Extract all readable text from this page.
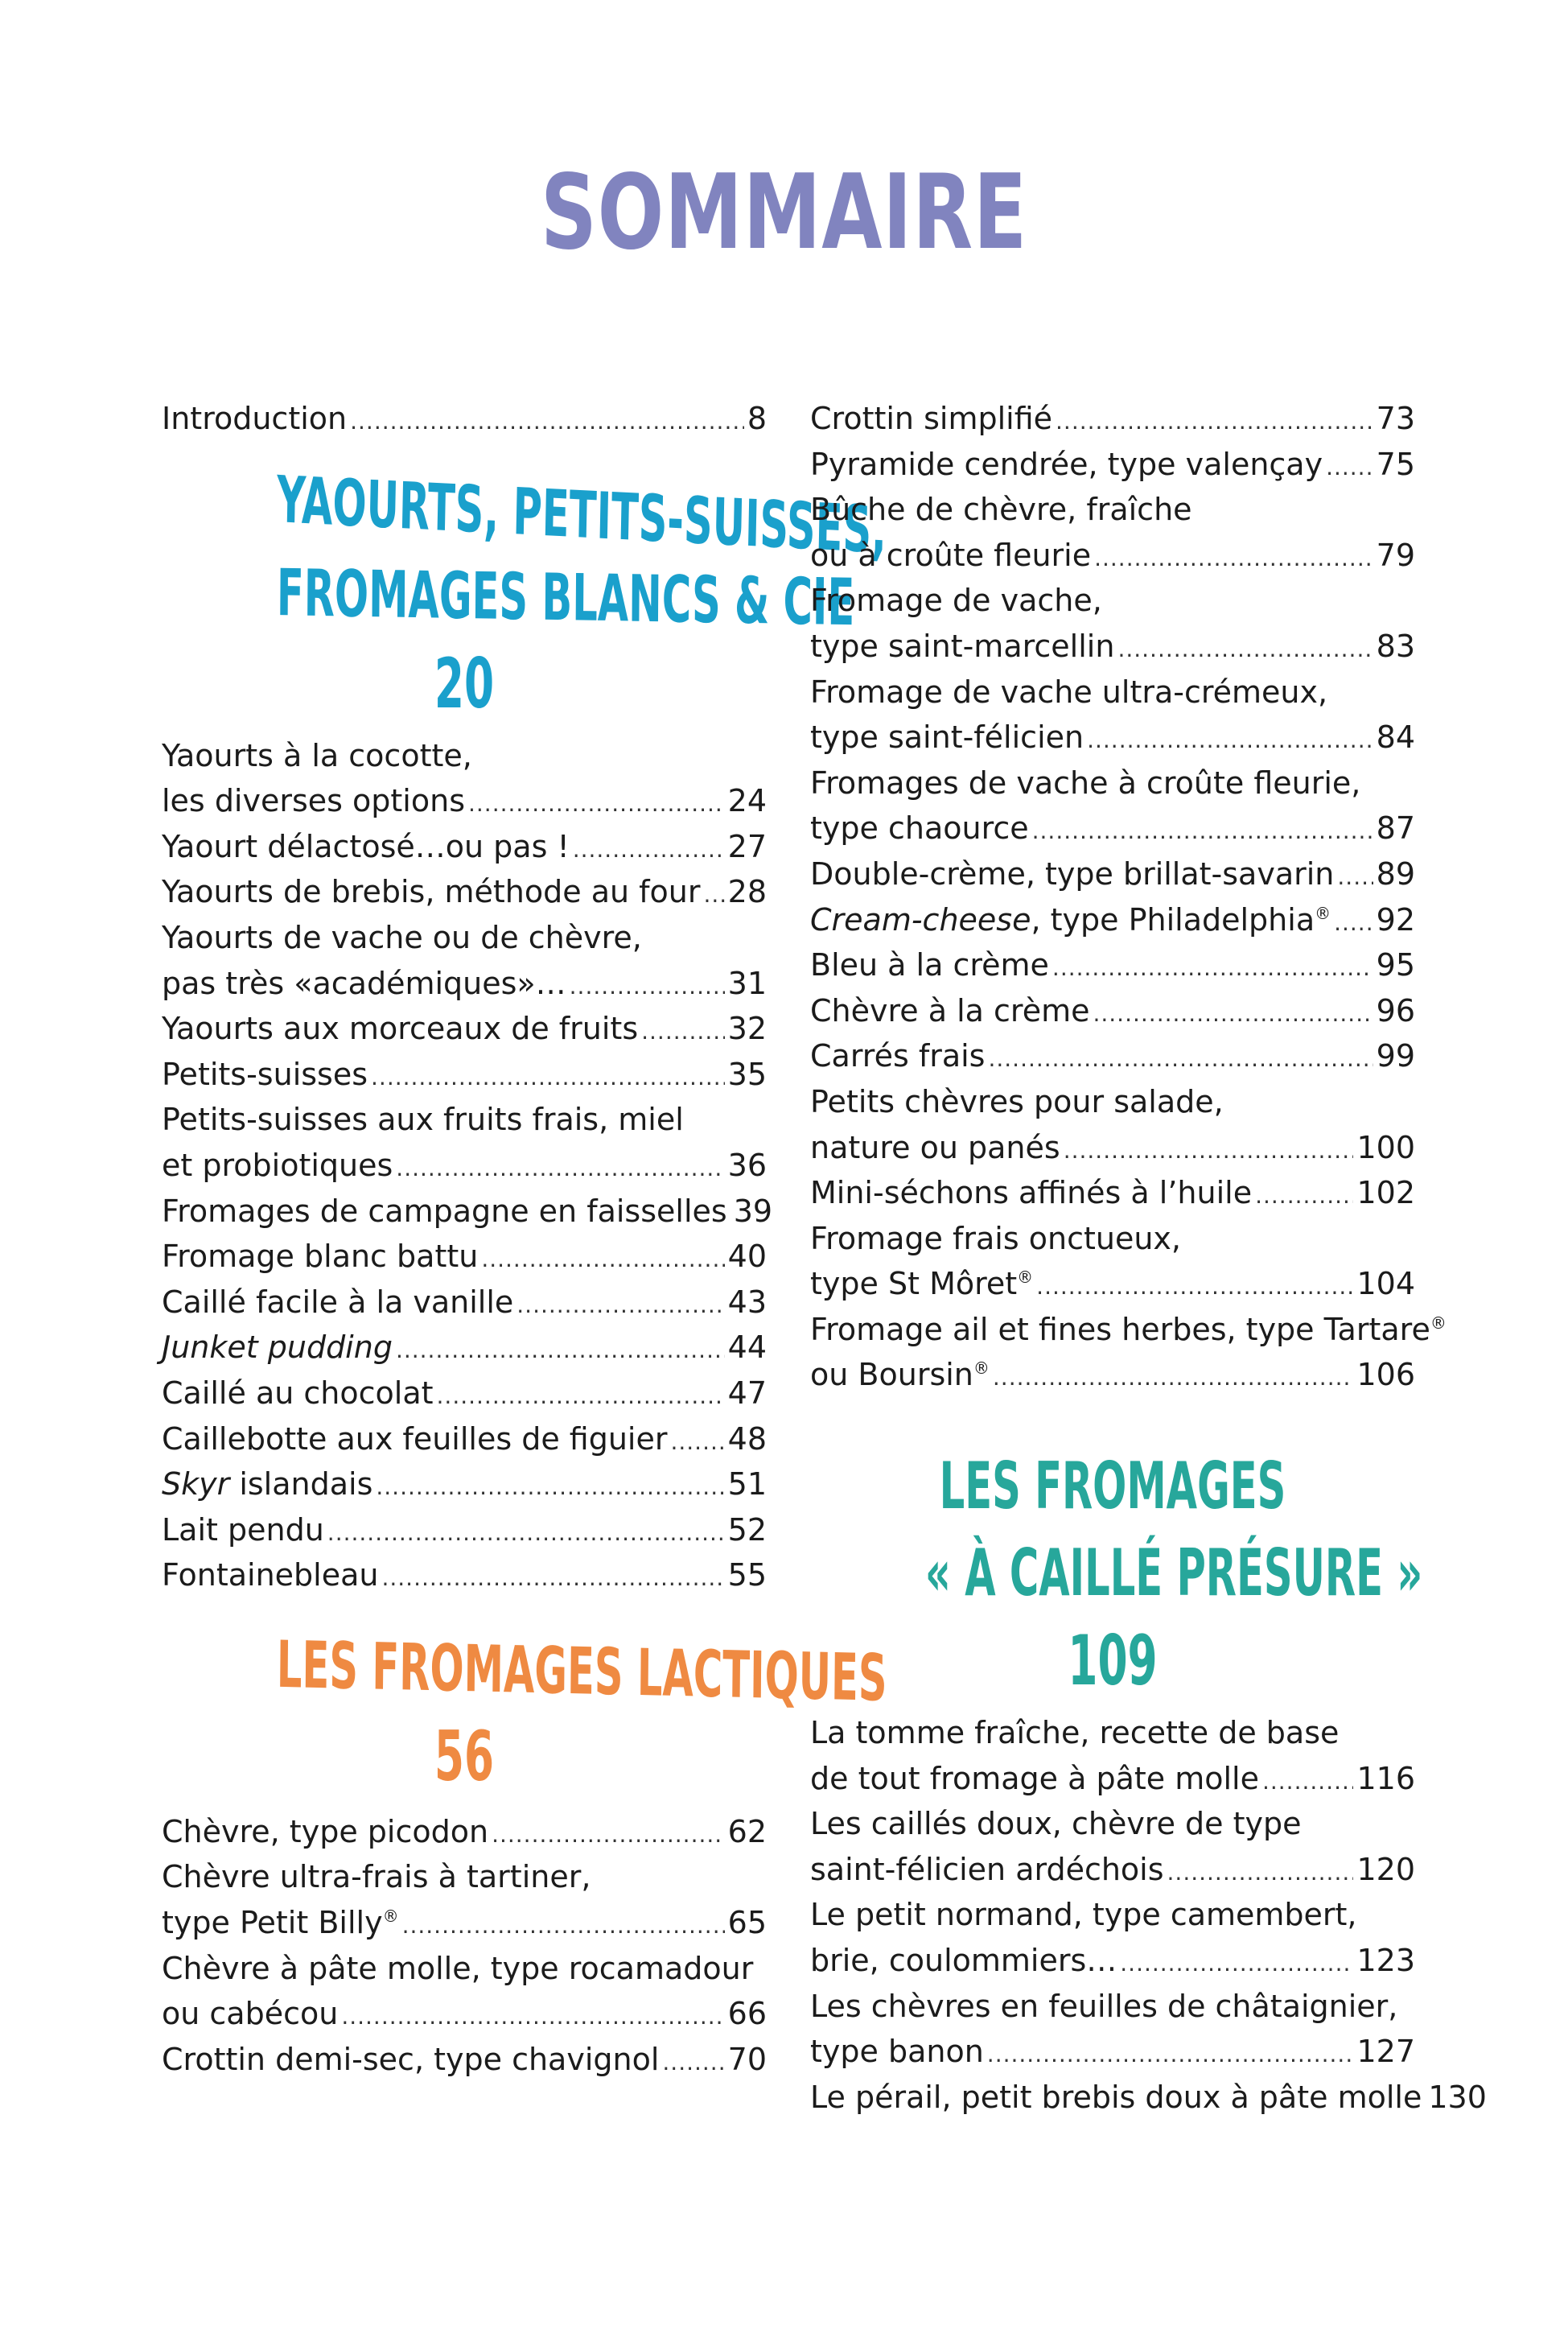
SOMMAIRE
Introduction .....	8
YAOURTS, PETITS-SUISSES,
FROMAGES BLANCS & CIE
20
Yaourts à la cocotte,
les diverses options .....	24
Yaourt délactosé…ou pas ! .....	27
Yaourts de brebis, méthode au four ..... 28
Yaourts de vache ou de chèvre,
pas très «académiques»… .....	31
Yaourts aux morceaux de fruits .....	32
Petits-suisses .....	35
Petits-suisses aux fruits frais, miel
et probiotiques .....	36
Fromages de campagne en faisselles 39
Fromage blanc battu .....	40
Caillé facile à la vanille .....	43
Junket pudding .....	44
Caillé au chocolat .....	47
Caillebotte aux feuilles de figuier ..... 48
Skyr islandais .....	51
Lait pendu .....	52
Fontainebleau .....	55
LES FROMAGES LACTIQUES
56
Chèvre, type picodon .....	62
Chèvre ultra-frais à tartiner,
type Petit Billy® .....	65
Chèvre à pâte molle, type rocamadour
ou cabécou .....	66
Crottin demi-sec, type chavignol ..... 70
Crottin simplifié .....	73
Pyramide cendrée, type valençay ..... 75
Bûche de chèvre, fraîche
ou à croûte fleurie .....	79
Fromage de vache,
type saint-marcellin .....	83
Fromage de vache ultra-crémeux,
type saint-félicien .....	84
Fromages de vache à croûte fleurie,
type chaource .....	87
Double-crème, type brillat-savarin ..... 89
Cream-cheese, type Philadelphia® ..... 92
Bleu à la crème .....	95
Chèvre à la crème .....	96
Carrés frais .....	99
Petits chèvres pour salade,
nature ou panés .....	100
Mini-séchons affinés à l’huile .....	102
Fromage frais onctueux,
type St Môret® .....	104
Fromage ail et fines herbes, type Tartare®
ou Boursin® .....	106
LES FROMAGES
« À CAILLÉ PRÉSURE »
109
La tomme fraîche, recette de base
de tout fromage à pâte molle .....	116
Les caillés doux, chèvre de type
saint-félicien ardéchois .....	120
Le petit normand, type camembert,
brie, coulommiers… .....	123
Les chèvres en feuilles de châtaignier,
type banon .....	127
Le pérail, petit brebis doux à pâte molle 130
